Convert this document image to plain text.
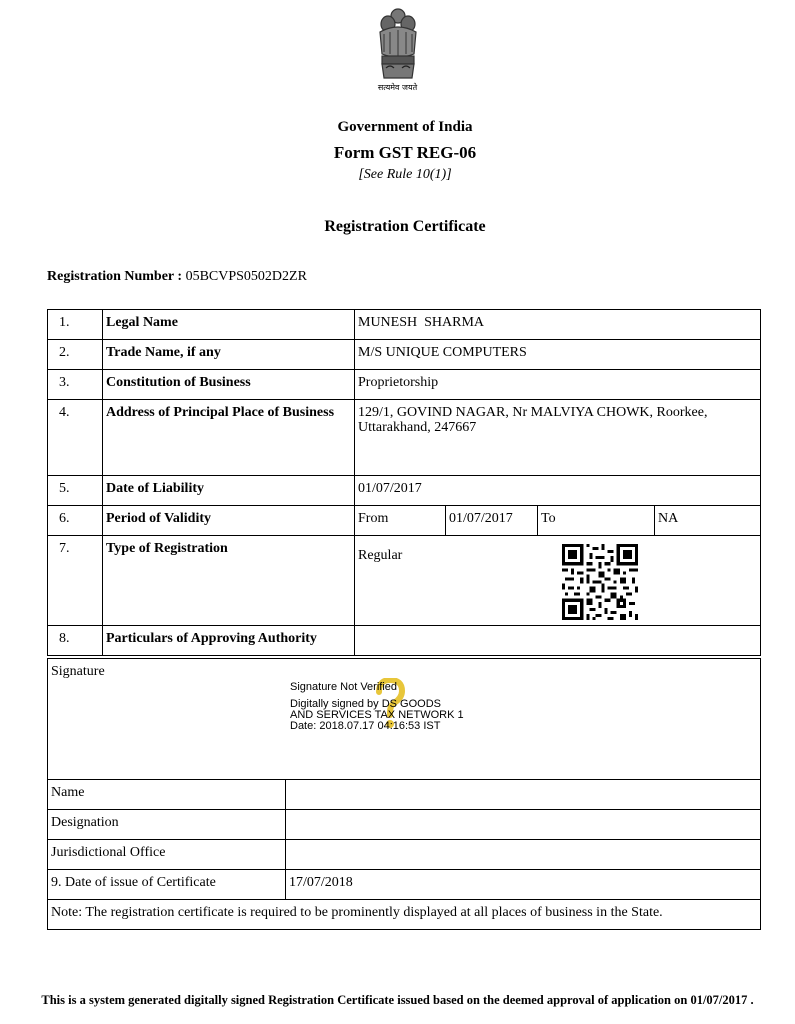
सत्यमेव जयते
Government of India
Form GST REG-06
[See Rule 10(1)]
Registration Certificate
Registration Number : 05BCVPS0502D2ZR
1.	Legal Name	MUNESH  SHARMA			
2.	Trade Name, if any	M/S UNIQUE COMPUTERS			
3.	Constitution of Business	Proprietorship			
4.	Address of Principal Place of Business	129/1, GOVIND NAGAR, Nr MALVIYA CHOWK, Roorkee, Uttarakhand, 247667			
5.	Date of Liability	01/07/2017			
6.	Period of Validity	From	01/07/2017	To	NA
7.	Type of Registration	Regular			
8.	Particulars of Approving Authority				
Signature
Signature Not Verified
Digitally signed by DS GOODS
AND SERVICES TAX NETWORK 1
Date: 2018.07.17 04:16:53 IST	

Name	
Designation	
Jurisdictional Office	
9. Date of issue of Certificate	17/07/2018
Note: The registration certificate is required to be prominently displayed at all places of business in the State.	
This is a system generated digitally signed Registration Certificate issued based on the deemed approval of application on 01/07/2017 .
